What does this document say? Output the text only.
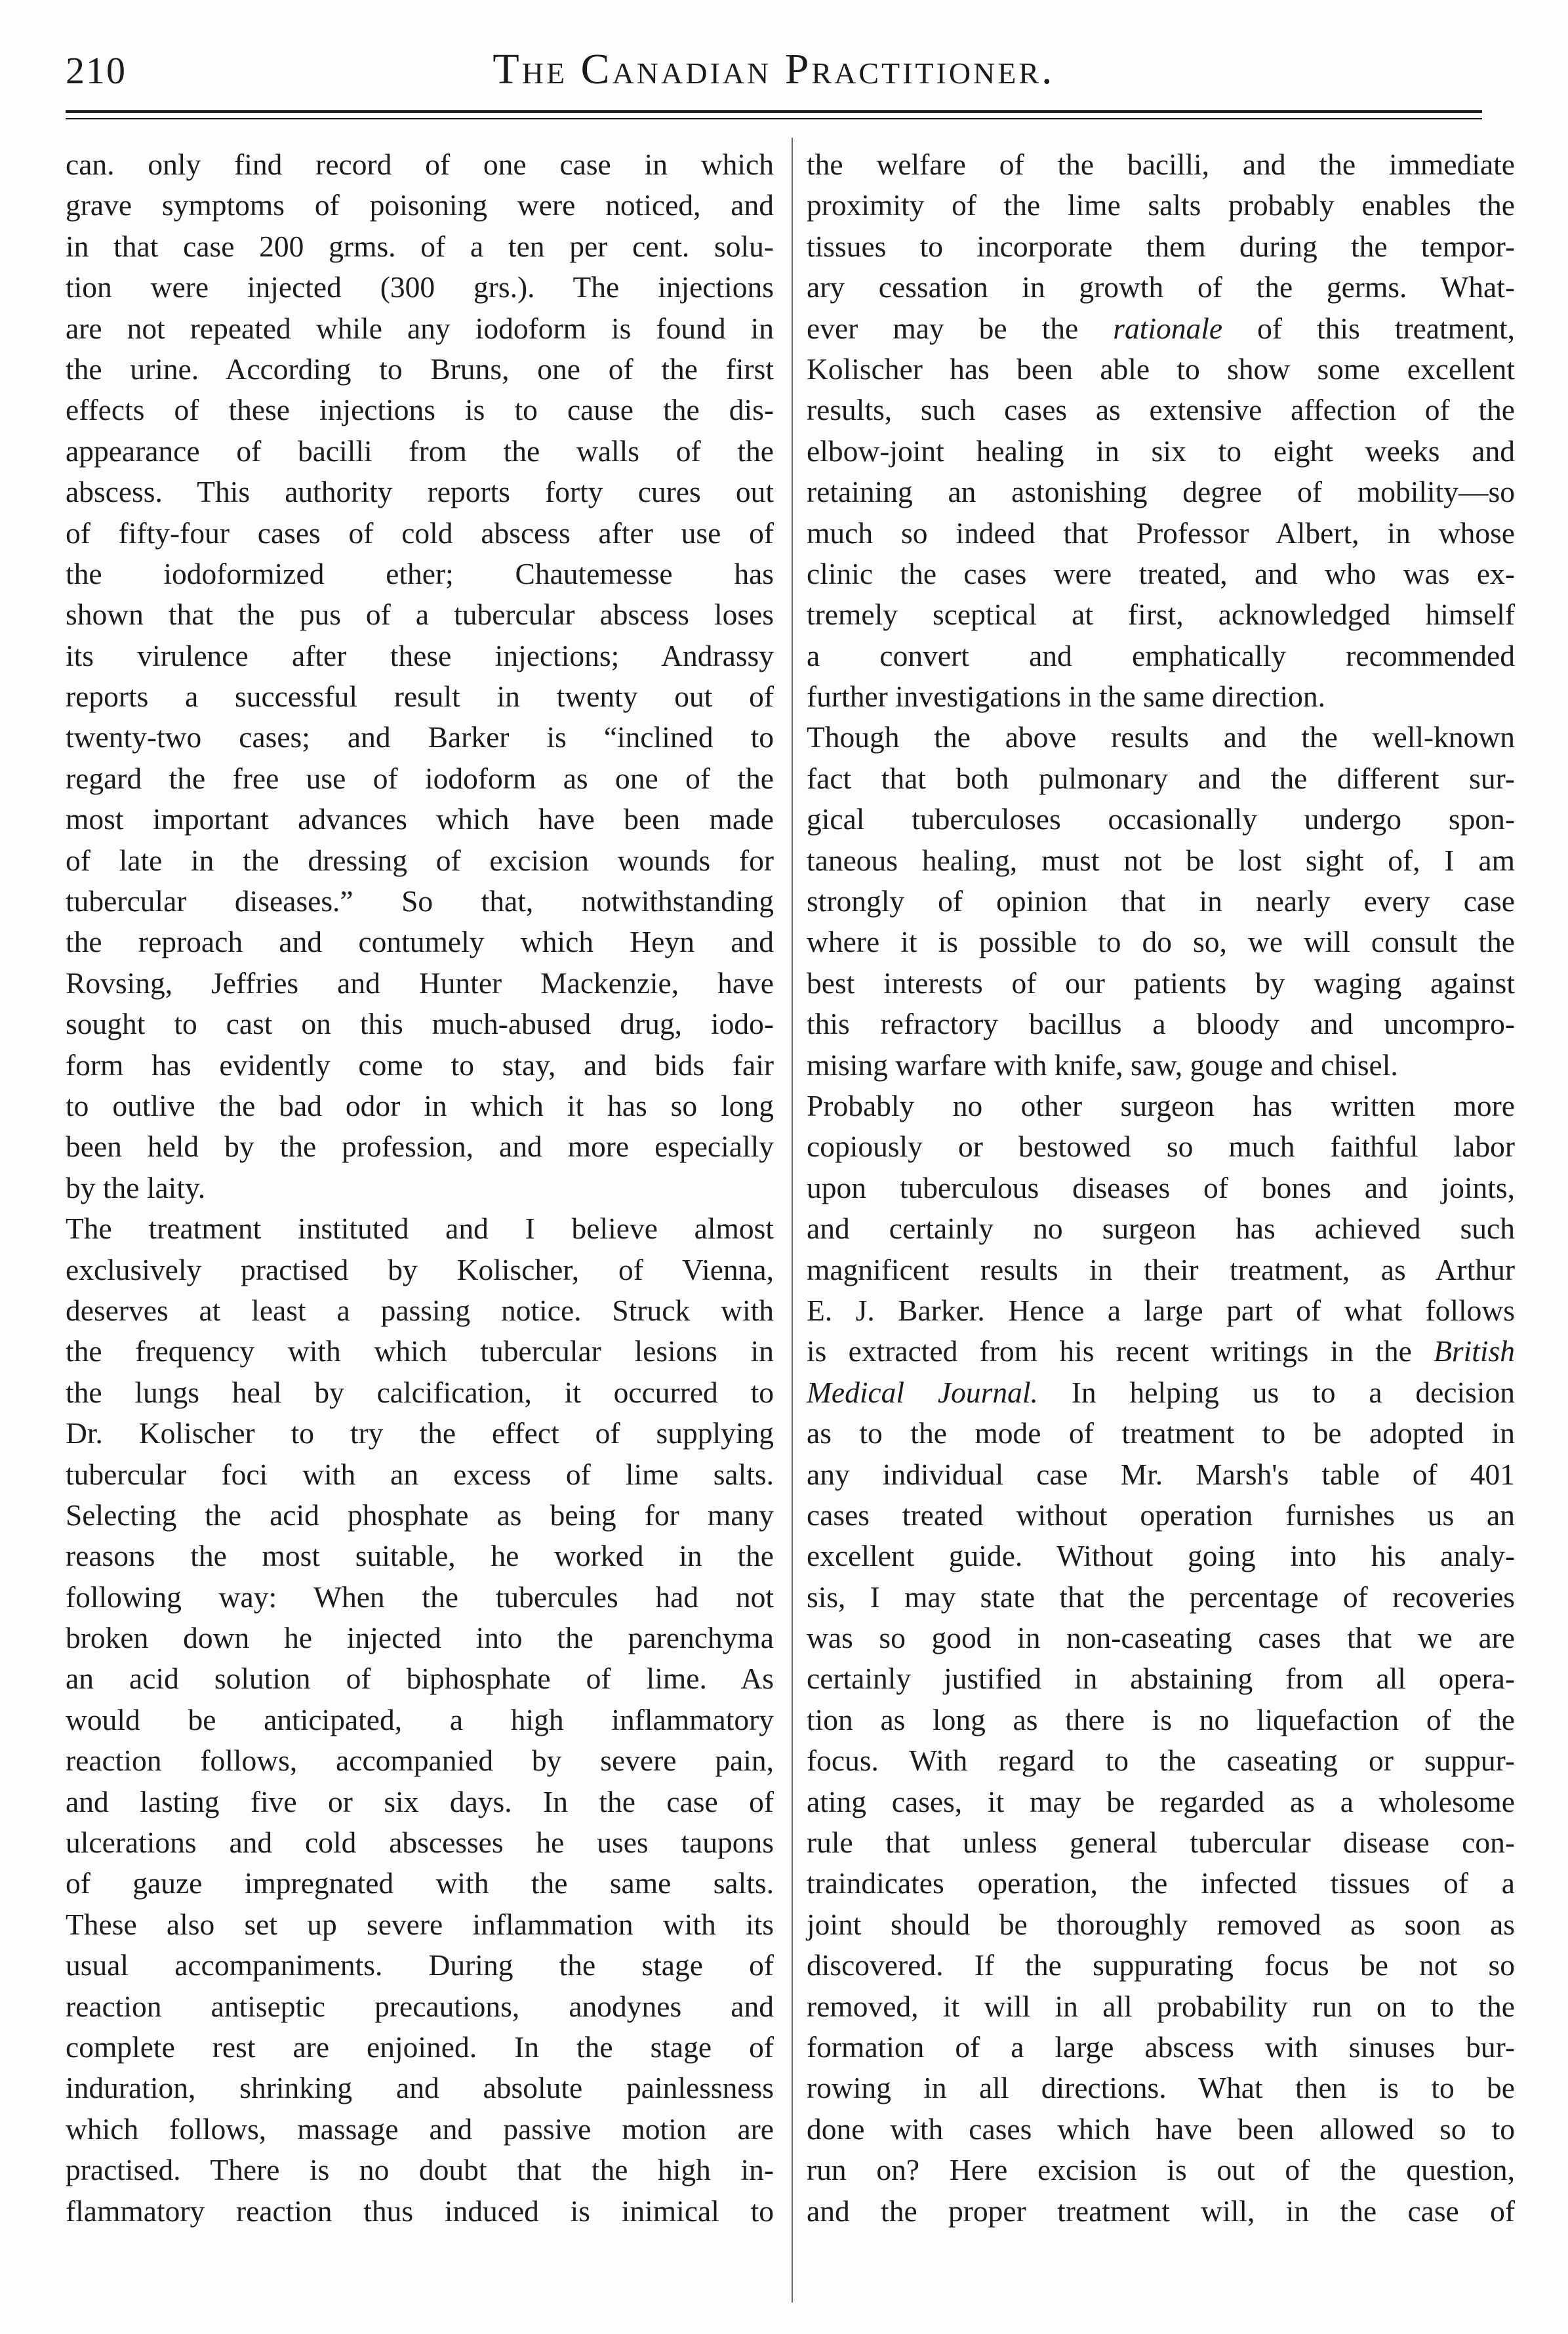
210	The Canadian Practitioner.
can. only find record of one case in which
grave symptoms of poisoning were noticed, and
in that case 200 grms. of a ten per cent. solu-
tion were injected (300 grs.). The injections
are not repeated while any iodoform is found in
the urine. According to Bruns, one of the first
effects of these injections is to cause the dis-
appearance of bacilli from the walls of the
abscess. This authority reports forty cures out
of fifty-four cases of cold abscess after use of
the iodoformized ether; Chautemesse has
shown that the pus of a tubercular abscess loses
its virulence after these injections; Andrassy
reports a successful result in twenty out of
twenty-two cases; and Barker is “inclined to
regard the free use of iodoform as one of the
most important advances which have been made
of late in the dressing of excision wounds for
tubercular diseases.” So that, notwithstanding
the reproach and contumely which Heyn and
Rovsing, Jeffries and Hunter Mackenzie, have
sought to cast on this much-abused drug, iodo-
form has evidently come to stay, and bids fair
to outlive the bad odor in which it has so long
been held by the profession, and more especially
by the laity.
The treatment instituted and I believe almost
exclusively practised by Kolischer, of Vienna,
deserves at least a passing notice. Struck with
the frequency with which tubercular lesions in
the lungs heal by calcification, it occurred to
Dr. Kolischer to try the effect of supplying
tubercular foci with an excess of lime salts.
Selecting the acid phosphate as being for many
reasons the most suitable, he worked in the
following way: When the tubercules had not
broken down he injected into the parenchyma
an acid solution of biphosphate of lime. As
would be anticipated, a high inflammatory
reaction follows, accompanied by severe pain,
and lasting five or six days. In the case of
ulcerations and cold abscesses he uses taupons
of gauze impregnated with the same salts.
These also set up severe inflammation with its
usual accompaniments. During the stage of
reaction antiseptic precautions, anodynes and
complete rest are enjoined. In the stage of
induration, shrinking and absolute painlessness
which follows, massage and passive motion are
practised. There is no doubt that the high in-
flammatory reaction thus induced is inimical to
the welfare of the bacilli, and the immediate
proximity of the lime salts probably enables the
tissues to incorporate them during the tempor-
ary cessation in growth of the germs. What-
ever may be the rationale of this treatment,
Kolischer has been able to show some excellent
results, such cases as extensive affection of the
elbow-joint healing in six to eight weeks and
retaining an astonishing degree of mobility—so
much so indeed that Professor Albert, in whose
clinic the cases were treated, and who was ex-
tremely sceptical at first, acknowledged himself
a convert and emphatically recommended
further investigations in the same direction.
Though the above results and the well-known
fact that both pulmonary and the different sur-
gical tuberculoses occasionally undergo spon-
taneous healing, must not be lost sight of, I am
strongly of opinion that in nearly every case
where it is possible to do so, we will consult the
best interests of our patients by waging against
this refractory bacillus a bloody and uncompro-
mising warfare with knife, saw, gouge and chisel.
Probably no other surgeon has written more
copiously or bestowed so much faithful labor
upon tuberculous diseases of bones and joints,
and certainly no surgeon has achieved such
magnificent results in their treatment, as Arthur
E. J. Barker. Hence a large part of what follows
is extracted from his recent writings in the British
Medical Journal. In helping us to a decision
as to the mode of treatment to be adopted in
any individual case Mr. Marsh's table of 401
cases treated without operation furnishes us an
excellent guide. Without going into his analy-
sis, I may state that the percentage of recoveries
was so good in non-caseating cases that we are
certainly justified in abstaining from all opera-
tion as long as there is no liquefaction of the
focus. With regard to the caseating or suppur-
ating cases, it may be regarded as a wholesome
rule that unless general tubercular disease con-
traindicates operation, the infected tissues of a
joint should be thoroughly removed as soon as
discovered. If the suppurating focus be not so
removed, it will in all probability run on to the
formation of a large abscess with sinuses bur-
rowing in all directions. What then is to be
done with cases which have been allowed so to
run on? Here excision is out of the question,
and the proper treatment will, in the case of
